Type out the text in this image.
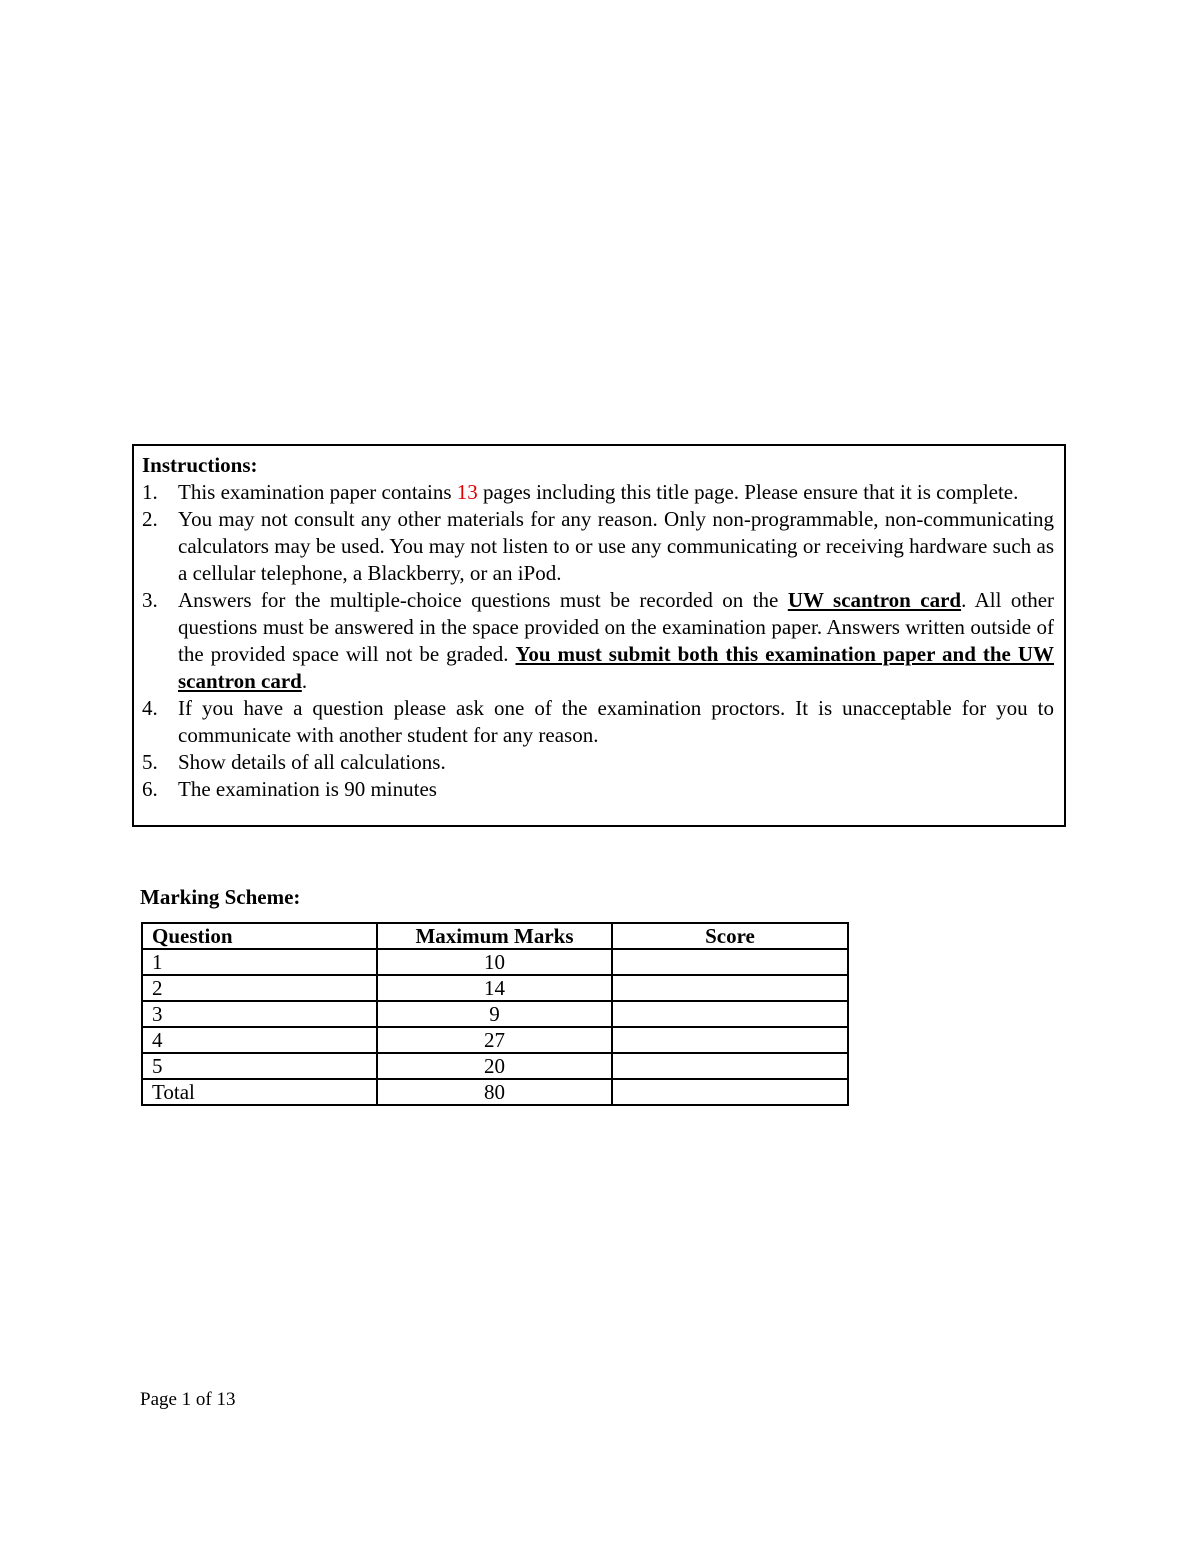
Instructions:
1. This examination paper contains 13 pages including this title page. Please ensure that it is complete.
2. You may not consult any other materials for any reason. Only non-programmable, non-communicating calculators may be used. You may not listen to or use any communicating or receiving hardware such as a cellular telephone, a Blackberry, or an iPod.
3. Answers for the multiple-choice questions must be recorded on the UW scantron card. All other questions must be answered in the space provided on the examination paper. Answers written outside of the provided space will not be graded. You must submit both this examination paper and the UW scantron card.
4. If you have a question please ask one of the examination proctors. It is unacceptable for you to communicate with another student for any reason.
5. Show details of all calculations.
6. The examination is 90 minutes
Marking Scheme:
Question	Maximum Marks	Score
1	10	
2	14	
3	9	
4	27	
5	20	
Total	80	
Page 1 of 13
